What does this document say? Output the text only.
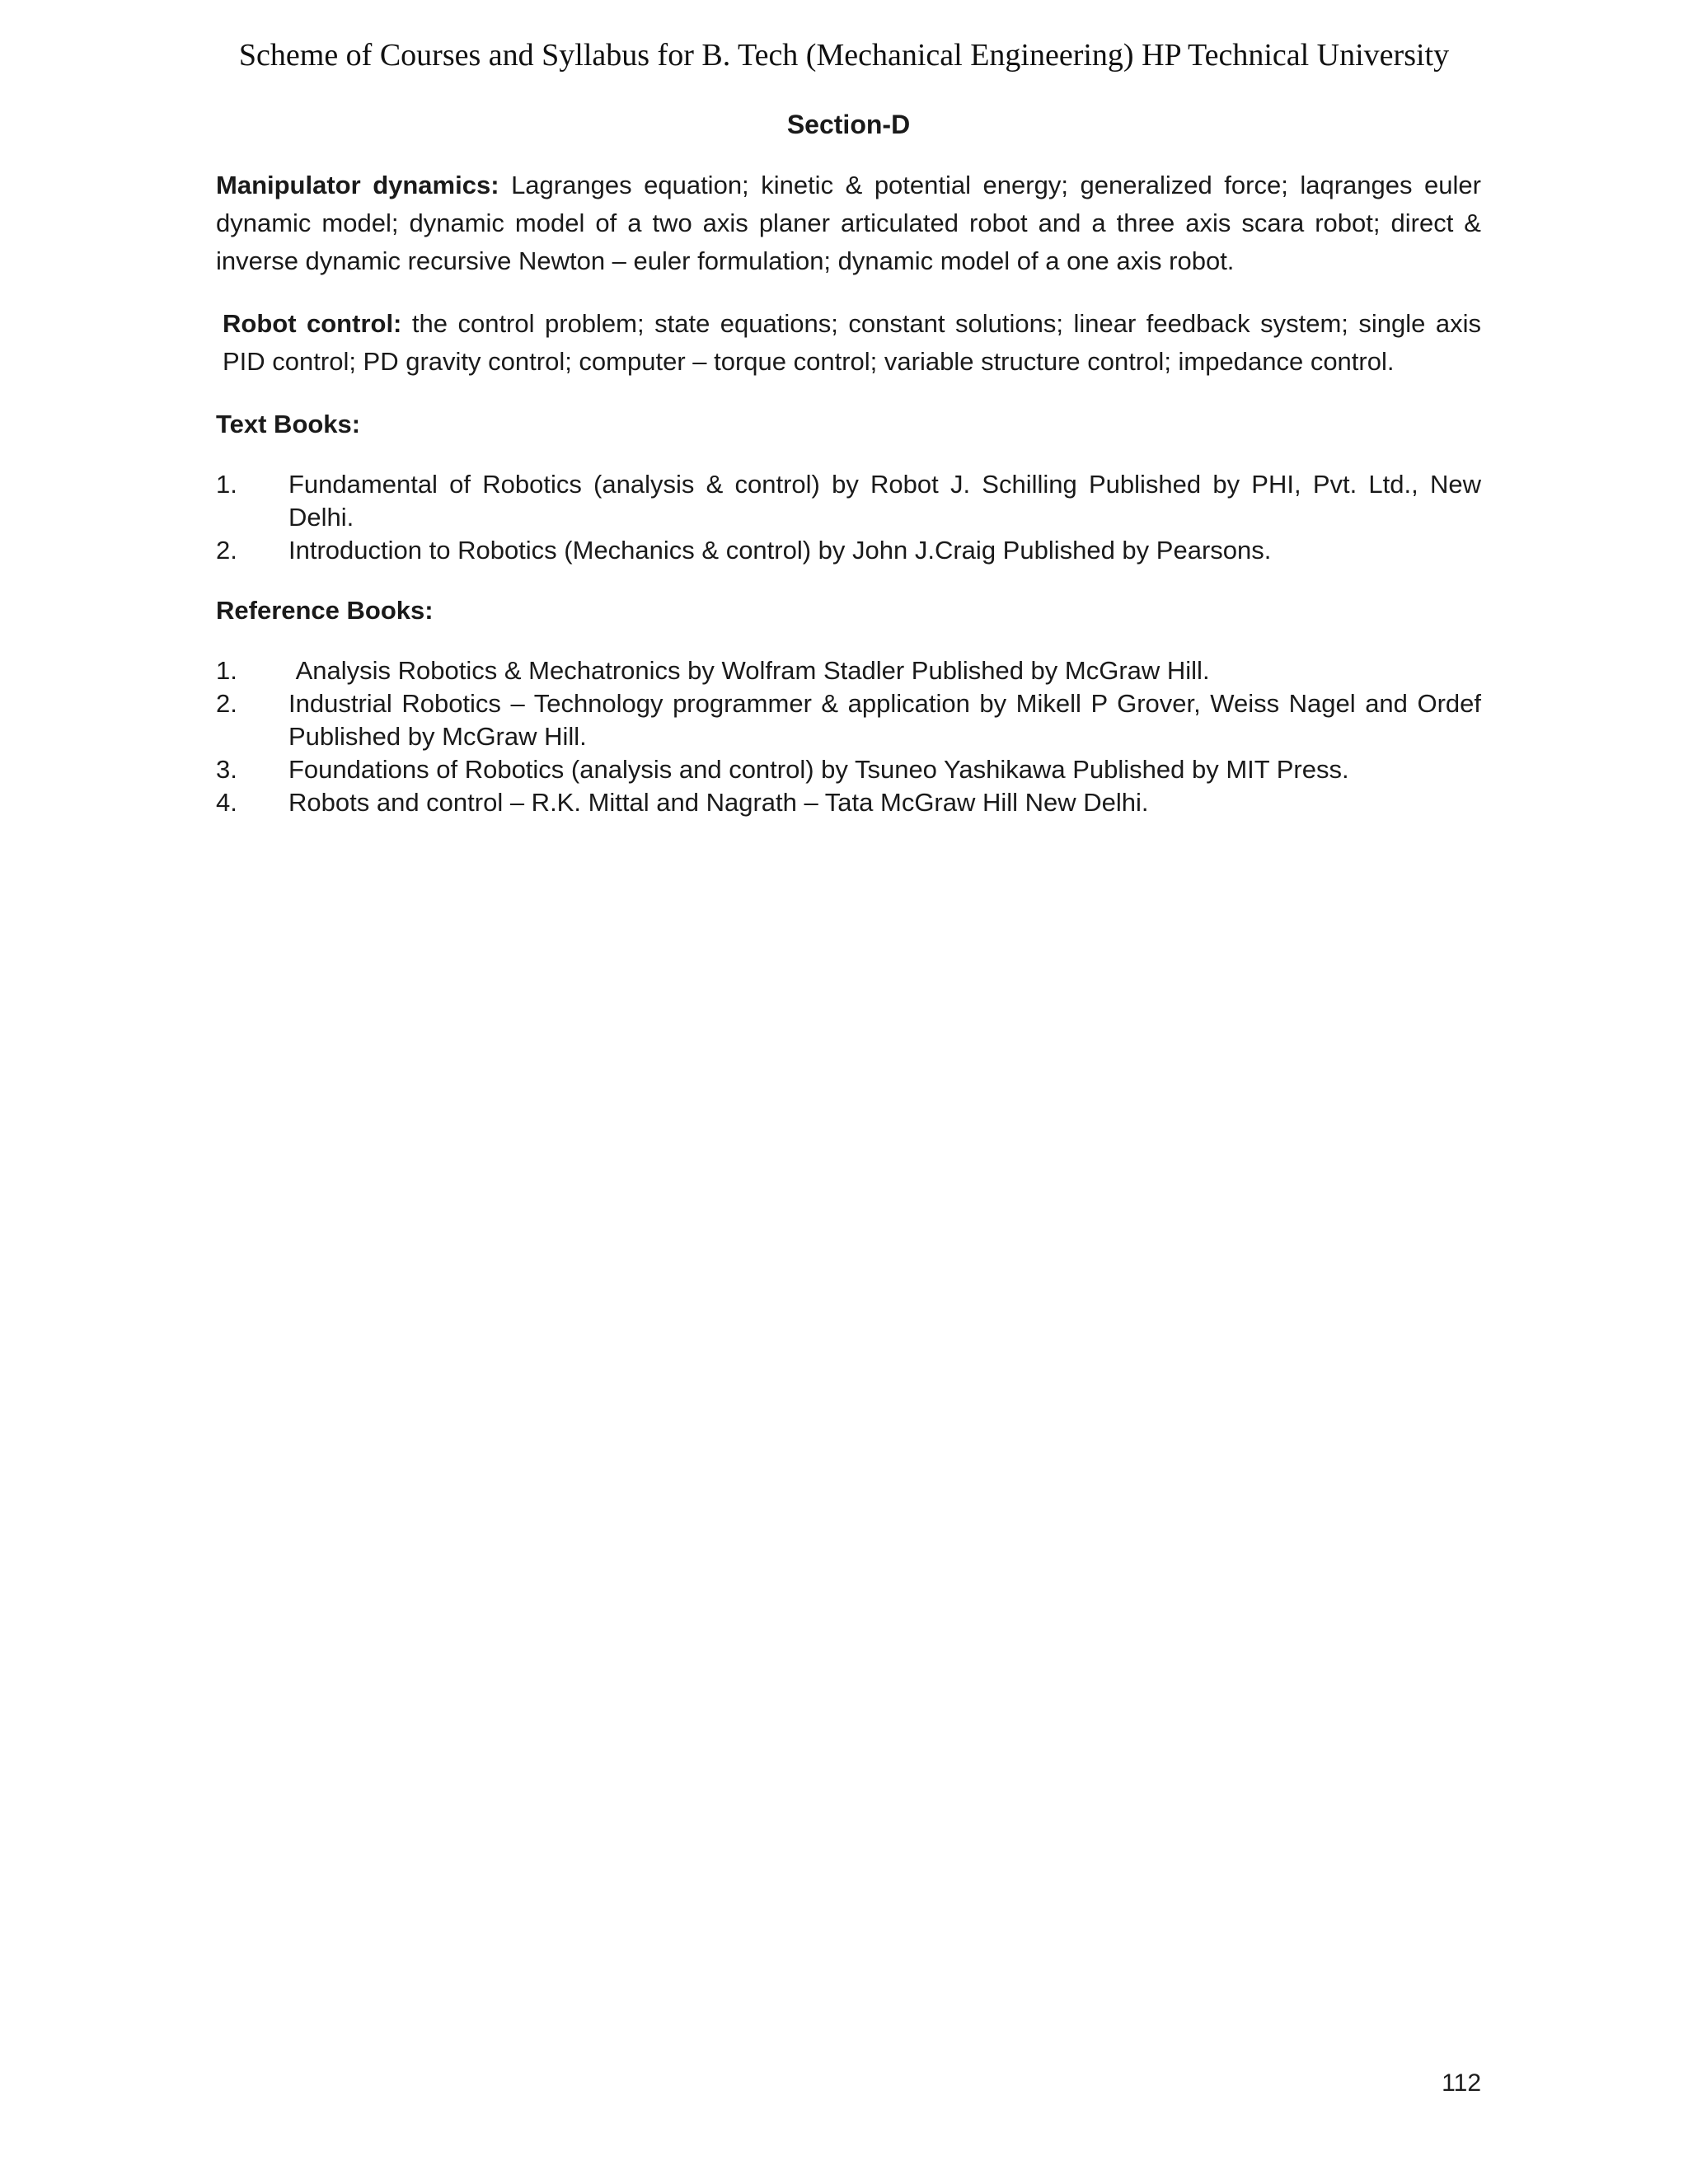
Scheme of Courses and Syllabus for B. Tech (Mechanical Engineering) HP Technical University
Section-D

Manipulator dynamics: Lagranges equation; kinetic & potential energy; generalized force; laqranges euler dynamic model; dynamic model of a two axis planer articulated robot and a three axis scara robot; direct & inverse dynamic recursive Newton – euler formulation; dynamic model of a one axis robot.

Robot control: the control problem; state equations; constant solutions; linear feedback system; single axis PID control; PD gravity control; computer – torque control; variable structure control; impedance control.

Text Books:
1.	Fundamental of Robotics (analysis & control) by Robot J. Schilling Published by PHI, Pvt. Ltd., New Delhi.
2.	Introduction to Robotics (Mechanics & control) by John J.Craig Published by Pearsons.
Reference Books:
1.	Analysis Robotics & Mechatronics by Wolfram Stadler Published by McGraw Hill.
2.	Industrial Robotics – Technology programmer & application by Mikell P Grover, Weiss Nagel and Ordef Published by McGraw Hill.
3.	Foundations of Robotics (analysis and control) by Tsuneo Yashikawa Published by MIT Press.
4.	Robots and control – R.K. Mittal and Nagrath – Tata McGraw Hill New Delhi.
112
